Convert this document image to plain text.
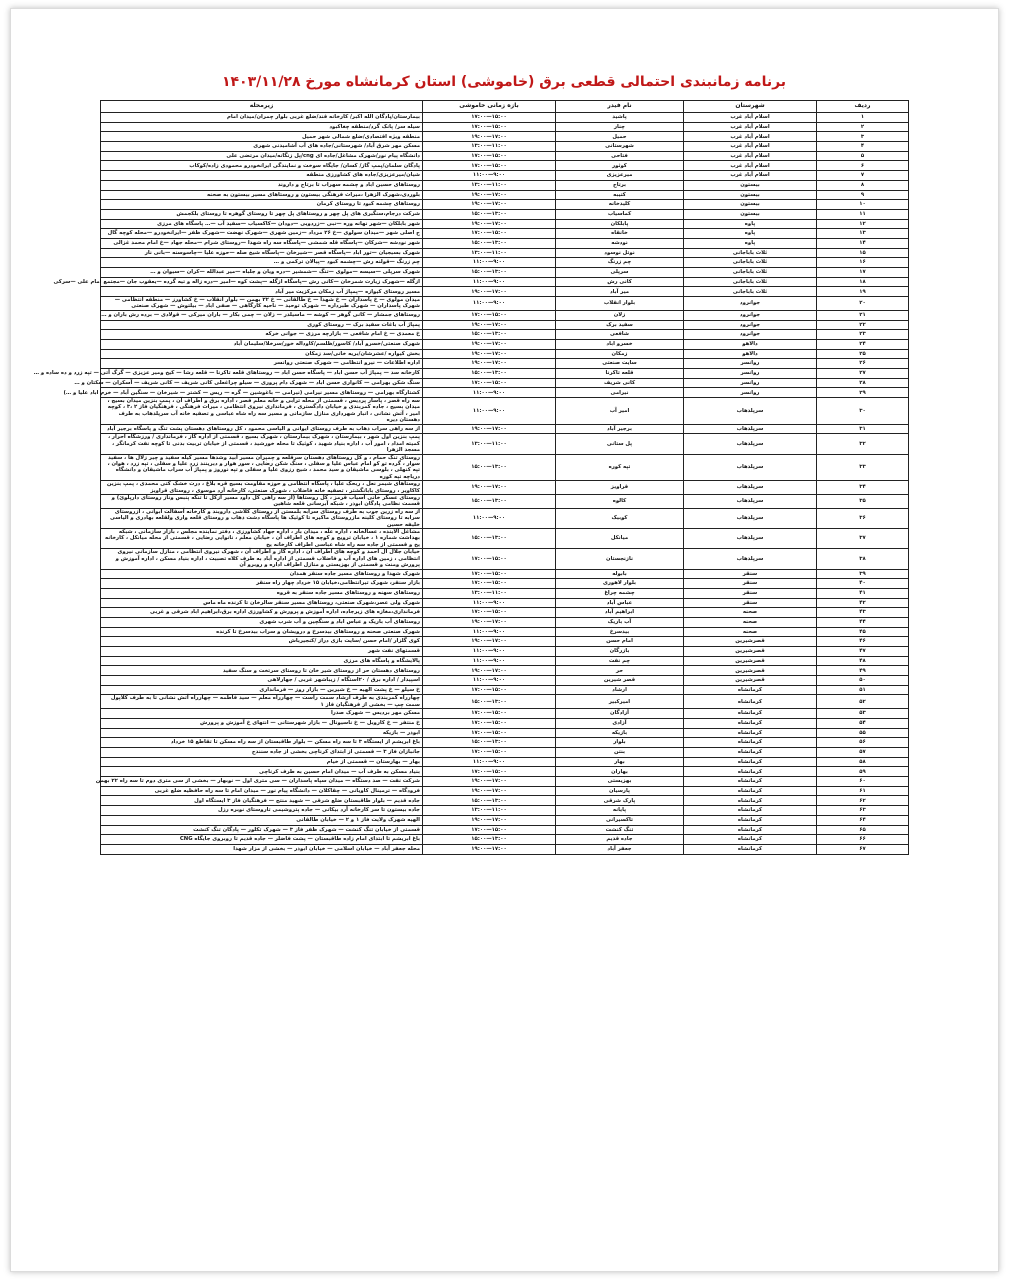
برنامه زمانبندی احتمالی قطعی برق (خاموشی) استان کرمانشاه مورخ ۱۴۰۳/۱۱/۲۸
ردیف	شهرستان	نام فیدر	بازه زمانی خاموشی	زیرمحله
۱	اسلام آباد غرب	پاشید	۱۵:۰۰—۱۷:۰۰	بیمارستان/پادگان الله اکبر/ کارخانه قند/ضلع غربی بلوار چمران/میدان امام
۲	اسلام آباد غرب	چنار	۱۵:۰۰—۱۷:۰۰	سیله سر/ پانک گرد/منطقه چغاکبود
۳	اسلام آباد غرب	حمیل	۱۷:۰۰—۱۹:۰۰	منطقه ویژه اقتصادی/ضلع شمالی شهر حمیل
۴	اسلام آباد غرب	شهرستانی	۱۱:۰۰—۱۳:۰۰	مسکن مهر شرق آباد/ شهرستانی/جاده های آب آشامیدنی شهری
۵	اسلام آباد غرب	فتاحی	۱۵:۰۰—۱۷:۰۰	دانشگاه پیام نور/شهرک مشاغل/جاده ای cng/پل زنگانه/میدان مرتضی علی
۶	اسلام آباد غرب	کوثور	۱۵:۰۰—۱۷:۰۰	پادگان سلمان/پمپ گاز/ کسان/ جایگاه سوخت و نمایندگی ایرانخودرو محمودی زاده/کوکاب
۷	اسلام آباد غرب	میرعزیزی	۹:۰۰—۱۱:۰۰	شیان/میرعزیزی/جاده های کشاورزی منطقه
۸	بیستون	برتاج	۱۱:۰۰—۱۳:۰۰	روستاهای حسین اباد و چشمه سهراب تا برتاج و داروند
۹	بیستون	کتیبه	۱۷:۰۰—۱۹:۰۰	بلوردی،شهرک الزهرا ،میراث فرهنگی بیستون و روستاهای مسیر بیستون به صحنه
۱۰	بیستون	کلیدخانه	۱۷:۰۰—۱۹:۰۰	روستاهای چشمه کبود تا روستای کرمان
۱۱	بیستون	کماسیاب	۱۳:۰۰—۱۵:۰۰	شرکت درجام،سنگبری های پل چهر و روستاهای پل چهر تا روستای گوهره تا روستای بلکجمش
۱۲	پاوه	پابلکان	۱۷:۰۰—۱۹:۰۰	شهر بابلکان —شهر نهانه وره —نبی —زردویی —دودان —کاکسیاب —سفید آب —… پاسگاه های مرزی
۱۳	پاوه	خانقاه	۱۵:۰۰—۱۷:۰۰	ج اصلی شهر —میدان سولوی —خ ۲۶ مرداد —زمین شهری —شهرک نهضت —شهرک ظفر —ایرانخودرو —محله کوچه گال
۱۴	پاوه	نودشه	۱۳:۰۰—۱۵:۰۰	شهر نودشه —شرکان —پاسگاه قله شمشی —پاسگاه سه راه شهدا —روستای شرام —محله جهاد —خ امام محمد غزالی
۱۵	ثلاث باباجانی	نوتل نوسود	۱۱:۰۰—۱۳:۰۰	شهرک بسیجیان —تور اباد —پاسگاه قصر —شیرخان —پاسگاه شیخ صله —حوزه علیا —چاسوسنه —بانی نار
۱۶	ثلاث باباجانی	چم زرنگ	۹:۰۰—۱۱:۰۰	چم زرنگ —قولنه رش —چشمه کبود —پیالان ترکمی و …
۱۷	ثلاث باباجانی	سرپلی	۱۳:۰۰—۱۵:۰۰	شهرک سرپلی —سیسه —مولوی —تنگ —شمشیر —دره ویان و جلباه —میر عبدالله —کران —سیوان و …
۱۸	ثلاث باباجانی	کانی رش	۹:۰۰—۱۱:۰۰	ازگله —شهرک زیارت شمرخان —کانی رش —پاسگاه ازگله —پشت کوه —امیر —دره زاله و تیه گرده —یعقوب جان —مجتمع امام علی —سرکی
۱۹	ثلاث باباجانی	میر آباد	۱۷:۰۰—۱۹:۰۰	مسیر روستای کیوازه —پمپاژ آب زمکان مرکزیت میر آباد
۲۰	جوانرود	بلوار انقلاب	۹:۰۰—۱۱:۰۰	میدان مولوی — خ پاسداران — خ شهدا — خ طالقانی — خ ۲۲ بهمن — بلوار انقلاب — خ کشاورز — منطقه انتظامی — شهرک پاسداران — شهرک طبرداره — شهرک توحید — ناحیه کارگاهی — صفی اباد — بیلتوش — شهرک صنعتی
۲۱	جوانرود	زلان	۱۵:۰۰—۱۷:۰۰	روستاهای جمشار — کانی گوهر — کوشه — ماسیلدر — زلان — چمی بکار — باران میرکی — قولادی — برده رش باران و …
۲۲	جوانرود	سفید برک	۱۷:۰۰—۱۹:۰۰	پمپاژ آب باغات سفید برک — روستای کوری
۲۳	جوانرود	شافعی	۱۳:۰۰—۱۵:۰۰	خ معمدی — خ امام شافعی — بازارچه مرزی — جوانی خرکه
۲۴	دالاهو	خسرو اباد	۱۷:۰۰—۱۹:۰۰	شهرک صنعتی/خسرو آباد/ کاسور/ظلسم/کاوداله خور/سرخلا/سلیمان آباد
۲۵	دالاهو	زمکان	۱۷:۰۰—۱۹:۰۰	بخش کیواره /عشرشان/بریه خانی/سد زمکان
۲۶	روانسر	سایت صنعتی	۱۷:۰۰—۱۹:۰۰	اداره اطلاعات — نیرو انتظامی — شهرک صنعتی روانسر
۲۷	روانسر	قلعه تاکرنا	۱۳:۰۰—۱۵:۰۰	کارخانه سد — پمپاژ آب حسن اباد — پاسگاه حسن اباد — روستاهای قلعه تاکرنا — قلعه رشا — کیخ ومیر عزیزی — گرگ آتی — تپه زرد و ده ساده و …
۲۸	روانسر	کانی شریف	۱۵:۰۰—۱۷:۰۰	سنگ شکن بهرامی — کانواری حسن اباد — شهرک دام پروری — سیلو چراغعلی کانی شریف — کانی شریف — آسکران — سکتان و …
۲۹	روانسر	نیرامی	۹:۰۰—۱۱:۰۰	کشتارگاه بهرامی — روستاهای مسیر نیرامی (نیرامی — باغوشین — گره — ریس — کشتر — شیرخان — سنگین آباد — خرم اباد علیا و …)
۳۰	سرپلذهاب	امیر آب	۹:۰۰—۱۱:۰۰	سه راه قصر ، پاسار پردیس ، قسمتی از محله ترابی و خانه معلم قصر ، اداره برق و اطراف آن ، پمپ بنزین میدان بسیج ، میدان بسیج ، جاده کمربندی و خیابان دادگستری ، فرمانداری نیروی انتظامی ، میراث فرهنگی ، فرهنگیان فاز ۲ ،۳ ، کوچه امیر ، آتش نشانی ، انبار شهرداری منازل سازمانی و مسیر سه راه شاه عباسی و تصفیه خانه آب سرپلذهاب به طرف دهستان دیره
۳۱	سرپلذهاب	برجیر آباد	۱۷:۰۰—۱۹:۰۰	از سه راهی سراب ذهاب به طرف روستای ایوانی و الیاسی محمود ، کل روستاهای دهستان پشت تنگ و پاسگاه برجیر آباد
۳۲	سرپلذهاب	پل ستانی	۱۱:۰۰—۱۳:۰۰	پمپ بنزین اول شهر ، بیمارستان ، شهرک بیمارستان ، شهرک بسیج ، قسمتی از اداره گاز ، فرمانداری / ورزشگاه احرار ، کمیته امداد ، امور آب ، اداره بنیاد شهید ، کوثیک تا محله خورشید ، قسمتی از خیابان تربیت بدنی تا کوچه نفت کرمانگر ، مسجد الزهرا
۳۳	سرپلذهاب	تپه کوره	۱۳:۰۰—۱۵:۰۰	روستای تنگ حمام ، و کل روستاهای دهستان سرقلعه و چمپران مسیر آبید وشدها مسیر کیله سفید و چیر زلال ها ، سفید سوار ، گرده تو کو امام عباس علیا و سفلی ، سنگ شکن رضایی ، سور هوار و دیرینند زرد علیا و سفلی ، تپه زرد ، هوان ، تپه کنهلی ، بلوسی ماشیقان و سید محمد ، شیخ رزوی علیا و سفلی و تپه نوروز و پمپاژ آب سراب ماشیقان و دانشگاه دریاچه تپه کوره
۳۴	سرپلذهاب	قراویز	۱۷:۰۰—۱۹:۰۰	روستاهای شیمر نعل ، ربحک علیا ، پاسگاه انتظامی و حوزه مقاومت بسیج قره بلاغ ، درت خشک کتی محمدی ، پمپ بنزین کاکاویر ، روستای بابانگشتر ، تصفیه خانه فاضلاب ، شهرک صنعتی، کارخانه آرد موسوی ، روستای قراویز
۳۵	سرپلذهاب	کالوه	۱۳:۰۰—۱۵:۰۰	روستای عسگر خانی آسیاب قرمز ، کل روستاها (از سه راهی کل داود مسیر ازکل تا تنگه پنبس وناز روستای دارپلوئ) و قسمت نظامی پادگان ابوذر ، شبکه آبرسانی قلعه شاهین
۳۶	سرپلذهاب	کوبیک	۹:۰۰—۱۱:۰۰	از سه راه زرین جوب به طرف روستای سرابه بلمستن از روستای کلاشی داروبند و کارخانه آسفالت ابوانی ، ازروستای سرابه تا روستای کلینه مازروستای ماکیره تا کوئیک ها پاسگاه دشت ذهاب و روستای قلعه واری ولقلعه بهادری و الیاسی خلیفه حسین
۳۷	سرپلذهاب	میانکل	۱۳:۰۰—۱۵:۰۰	مشاغل آلاینده ، عسالخانه ، اداره علّه ، میدان بار ، اداره جهاد کشاورزی ، دفتر نماینده مجلس ، بازار سازمانی ، شبکه بهداشت شماره ۱ ، خیابان ترویج و کوچه های اطراف آن ، خیابان معلم ، نانوایی رضایی ، قسمتی از محله میانکل ، کارخانه یخ و قسمتی از جاده سه راه شاه عباسی اطراف کارخانه یخ
۳۸	سرپلذهاب	نازنجستان	۱۵:۰۰—۱۷:۰۰	خیابان جلال آل احمد و کوچه های اطراف آن ، اداره گاز و اطراف آن ، شهرک نیروی انتظامی ، منازل سازمانی نیروی انتظامی ، زمین های اداره آب و فاضلاب قسمتی از اداره آباد به طرف کلاه تصبیت ، اداره بنیاد مسکن ، اداره آموزش و پرورش ومنت و قسمتی از بهزیستی و منازل اطراف اداره و روبرو آن
۳۹	سنقر	بابوله	۱۵:۰۰—۱۷:۰۰	شهرک شهدا و روستاهای مسیر جاده سنقر همدان
۴۰	سنقر	بلوار لاهوری	۱۵:۰۰—۱۷:۰۰	بازار سنقر، شهرک تیرانتظامی،خیابان ۱۵ خرداد چهار راه سنقر
۴۱	سنقر	چشمه چراغ	۱۱:۰۰—۱۳:۰۰	روستاهای سهنه و روستاهای مسیر جاده سنقر به قروه
۴۲	سنقر	عباس آباد	۹:۰۰—۱۱:۰۰	شهرک ولی عصر،شهرک صنعتی، روستاهای مسیر سنقر سالرخان تا کرنده ماه ماس
۴۳	صحنه	ابراهیم آباد	۱۵:۰۰—۱۷:۰۰	فرمانداری،مغازه های زیرجاده، اداره آموزش و پرورش و کشاورزی اداره برق،ابراهیم اباد شرقی و غربی
۴۴	صحنه	آب باریک	۱۷:۰۰—۱۹:۰۰	روستاهای آب باریک و عباس اباد و سنگچین و آب شرب شهری
۴۵	صحنه	بیدسرخ	۹:۰۰—۱۱:۰۰	شهرک صنعتی صحنه و روستاهای بیدسرخ و درویشان و سراب بیدسرخ تا کرنده
۴۶	قصرشیرین	امام حسن	۱۷:۰۰—۱۹:۰۰	کوی گلزار /امام حسن /سایت بازی دراز /کنجیرباش
۴۷	قصرشیرین	بازرگان	۹:۰۰—۱۱:۰۰	قسمتهای نفت شهر
۴۸	قصرشیرین	چم نفت	۹:۰۰—۱۱:۰۰	پالایشگاه و پاسگاه های مرزی
۴۹	قصرشیرین	حر	۱۷:۰۰—۱۹:۰۰	روستاهای دهستان حر از روستای شیر خان تا روستای سرتخت و سنگ سفید
۵۰	قصرشیرین	قصر شیرین	۹:۰۰—۱۱:۰۰	اسپیدار / اداره برق / ۲۰استگاه / زیباشهر غربی / جهارلاهی
۵۱	کرمانشاه	ارشاد	۱۵:۰۰—۱۷:۰۰	خ سیلو — خ پشت الهیه — خ شیرین — بازار روز — فرمانداری
۵۲	کرمانشاه	امیرکبیر	۱۳:۰۰—۱۵:۰۰	چهارراه کمربندی به طرف ارشاد سمت راست — چهارراه معلم — سید فاطمه — چهارراه آتش نشانی تا به طرف کلاپول سمت چپ — بخشی از فرهنگیان فاز ۱
۵۳	کرمانشاه	آزادگان	۱۵:۰۰—۱۷:۰۰	مسکن مهر بردیس — شهرک صدرا
۵۴	کرمانشاه	آزادی	۱۵:۰۰—۱۷:۰۰	خ منتفر — خ کاروبل — خ ناسیونال — بازار شهرستانی — انتهای خ آموزش و پرورش
۵۵	کرمانشاه	بازیکه	۱۵:۰۰—۱۷:۰۰	ابوذر — بازیکه
۵۶	کرمانشاه	بلوار	۱۳:۰۰—۱۵:۰۰	باغ ابریشم از ایستگاه ۳ تا سه راه مسکن — بلوار طاقبستان از سه راه مسکن تا تقاطع ۱۵ خرداد
۵۷	کرمانشاه	بنتن	۱۵:۰۰—۱۷:۰۰	جانبازان فاز ۳ — قسمتی از ابتدای کرناچی بخشی از جاده سنندج
۵۸	کرمانشاه	بهار	۹:۰۰—۱۱:۰۰	بهار — بهارستان — قسمتی از خیام
۵۹	کرمانشاه	بهاران	۱۵:۰۰—۱۷:۰۰	بنیاد مسکن به طرف آب — میدان امام حسین به طرف کرناچی
۶۰	کرمانشاه	بهزیستی	۱۷:۰۰—۱۹:۰۰	شرکت نفت — صد دستگاه — میدان سپاه پاسداران — سی متری اول — نوبهار — بخشی از سی متری دوم تا سه راه ۲۲ بهمن
۶۱	کرمانشاه	پارسیان	۱۷:۰۰—۱۹:۰۰	فرودگاه — ترمینال کاویانی — چقاکلان — دانشگاه پیام نور — میدان امام تا سه راه حافظیه ضلع غربی
۶۲	کرمانشاه	پارک شرقی	۱۳:۰۰—۱۵:۰۰	جاده قدیم — بلوار طاقبستان ضلع شرقی — شهید منتح — فرهنگیان فاز ۳ ایستگاه اول
۶۳	کرمانشاه	پایانه	۱۱:۰۰—۱۳:۰۰	جاده بیستون تا سر کارخانه آرد بیکانی — جاده پتروشیمی تاروستای نوبره رزل
۶۴	کرمانشاه	تاکسیرانی	۱۷:۰۰—۱۹:۰۰	الهیه شهرک ولایت فاز ۱ و ۲ — خیابان طالقانی
۶۵	کرمانشاه	تنگ کنشت	۱۵:۰۰—۱۷:۰۰	قسمتی از خیابان تنگ کنشت — شهرک ظفر فاز ۳ — شهرک تکلور — پادگان تنگ کنشت
۶۶	کرمانشاه	جاده قدیم	۱۳:۰۰—۱۵:۰۰	باغ ابریشم تا ابتدای امام زاده طاقبستان — پشت فاضلر — جاده قدیم تا روبروی جایگاه CNG
۶۷	کرمانشاه	جعفر آباد	۱۷:۰۰—۱۹:۰۰	محله جعفر آباد — خیابان اسلامی — خیابان ابوذر — بخشی از مزار شهدا
